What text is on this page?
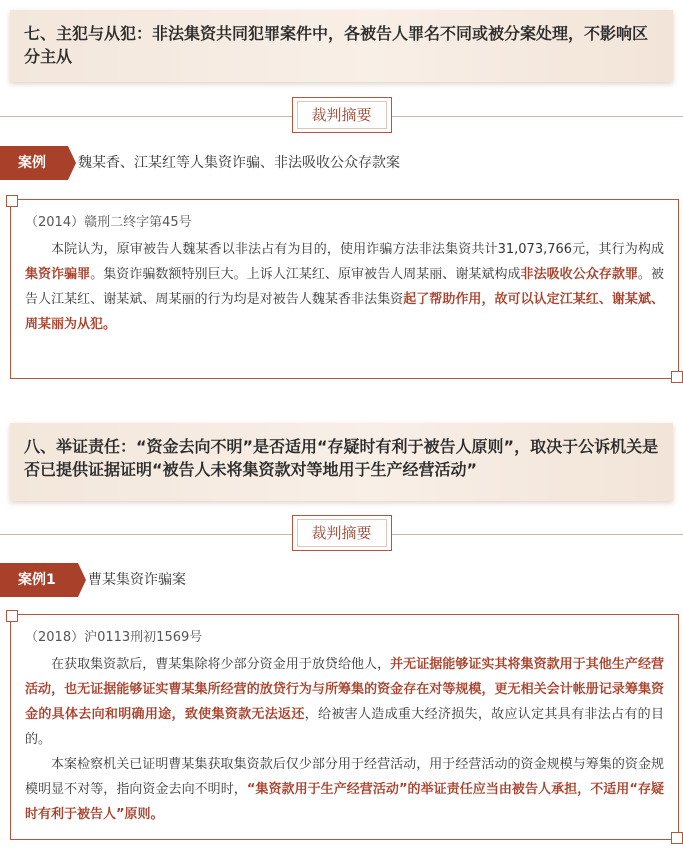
七、主犯与从犯：非法集资共同犯罪案件中，各被告人罪名不同或被分案处理，不影响区分主从
裁判摘要
案例	魏某香、江某红等人集资诈骗、非法吸收公众存款案
（2014）赣刑二终字第45号

本院认为，原审被告人魏某香以非法占有为目的，使用诈骗方法非法集资共计31,073,766元，其行为构成集资诈骗罪。集资诈骗数额特别巨大。上诉人江某红、原审被告人周某丽、谢某斌构成非法吸收公众存款罪。被告人江某红、谢某斌、周某丽的行为均是对被告人魏某香非法集资起了帮助作用，故可以认定江某红、谢某斌、周某丽为从犯。

八、举证责任：“资金去向不明”是否适用“存疑时有利于被告人原则”，取决于公诉机关是否已提供证据证明“被告人未将集资款对等地用于生产经营活动”
裁判摘要
案例1	曹某集资诈骗案
（2018）沪0113刑初1569号

在获取集资款后，曹某集除将少部分资金用于放贷给他人，并无证据能够证实其将集资款用于其他生产经营活动，也无证据能够证实曹某集所经营的放贷行为与所筹集的资金存在对等规模，更无相关会计帐册记录筹集资金的具体去向和明确用途，致使集资款无法返还，给被害人造成重大经济损失，故应认定其具有非法占有的目的。

本案检察机关已证明曹某集获取集资款后仅少部分用于经营活动，用于经营活动的资金规模与筹集的资金规模明显不对等，指向资金去向不明时，“集资款用于生产经营活动”的举证责任应当由被告人承担，不适用“存疑时有利于被告人”原则。
